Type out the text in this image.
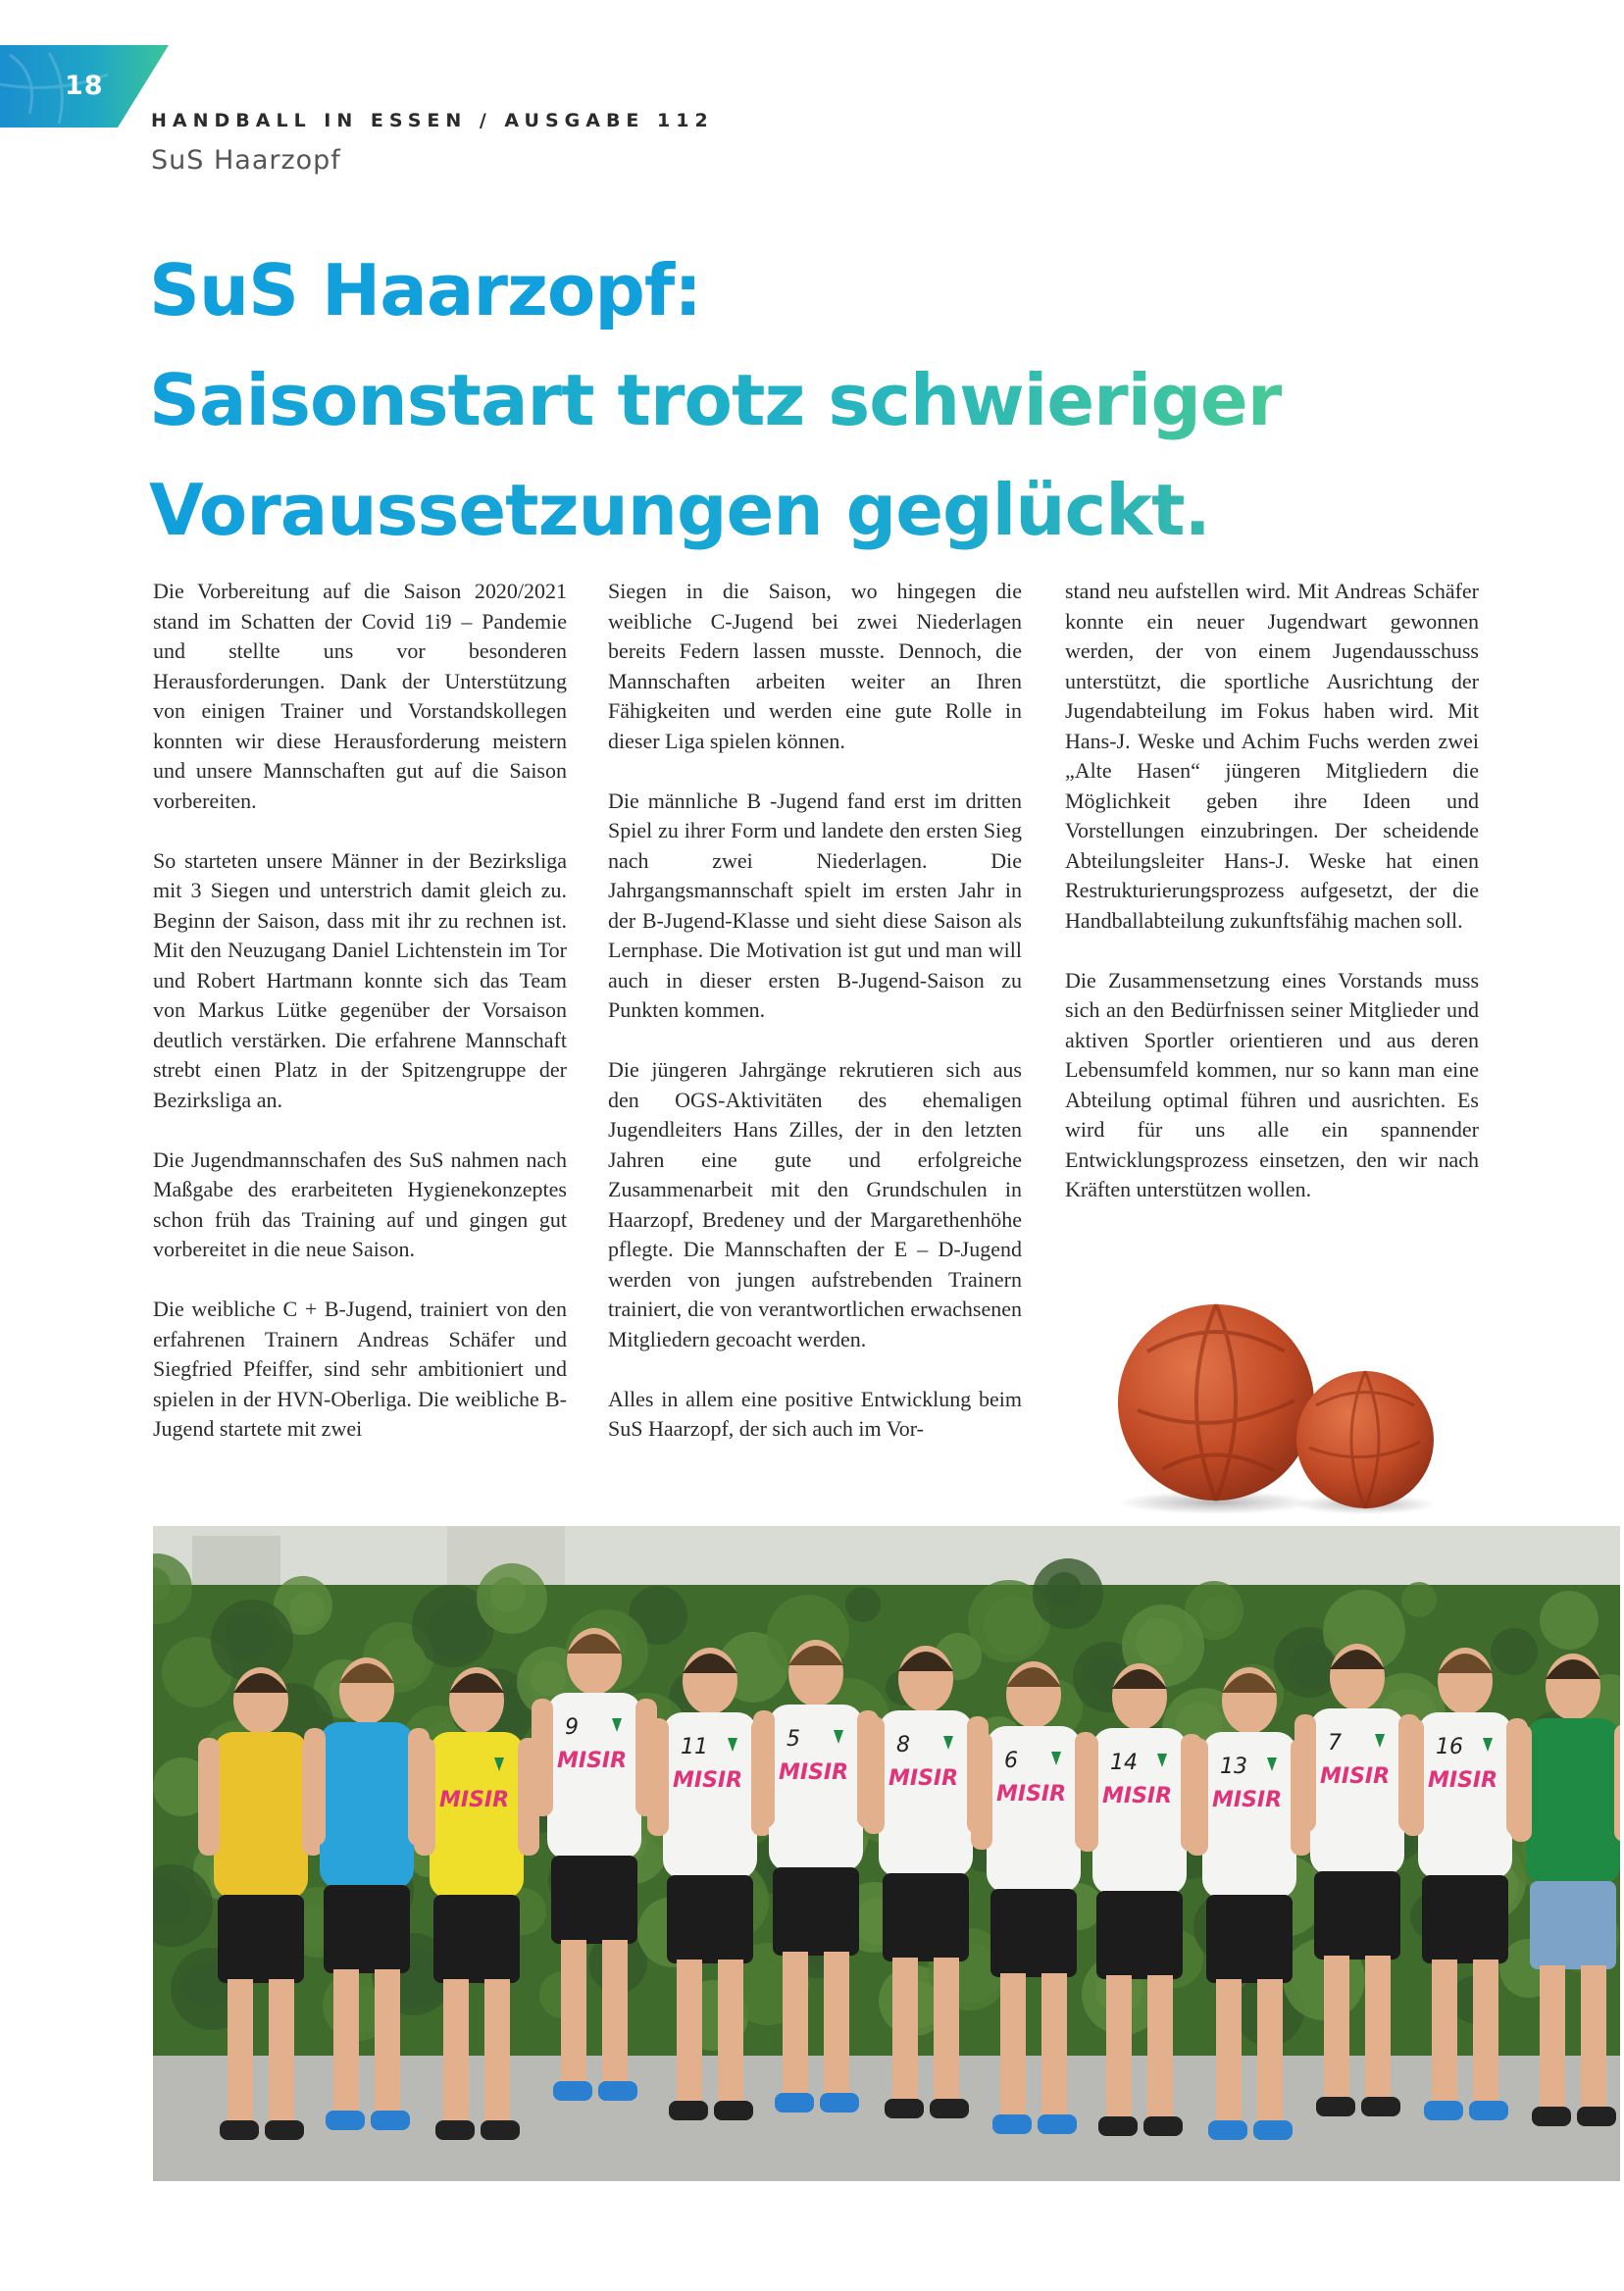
18
HANDBALL IN ESSEN / AUSGABE 112
SuS Haarzopf
SuS Haarzopf:
Saisonstart trotz schwieriger
Voraussetzungen geglückt.

Die Vorbereitung auf die Saison 2020/2021 stand im Schatten der Covid 1i9 – Pandemie und stellte uns vor besonderen Herausforderungen. Dank der Unterstützung von einigen Trainer und Vorstandskollegen konnten wir diese Herausforderung meistern und unsere Mannschaften gut auf die Saison vorbereiten.

So starteten unsere Männer in der Bezirksliga mit 3 Siegen und unterstrich damit gleich zu. Beginn der Saison, dass mit ihr zu rechnen ist. Mit den Neuzugang Daniel Lichtenstein im Tor und Robert Hartmann konnte sich das Team von Markus Lütke gegenüber der Vorsaison deutlich verstärken. Die erfahrene Mannschaft strebt einen Platz in der Spitzengruppe der Bezirksliga an.

Die Jugendmannschafen des SuS nahmen nach Maßgabe des erarbeiteten Hygienekonzeptes schon früh das Training auf und gingen gut vorbereitet in die neue Saison.

Die weibliche C + B-Jugend, trainiert von den erfahrenen Trainern Andreas Schäfer und Siegfried Pfeiffer, sind sehr ambitioniert und spielen in der HVN-Oberliga. Die weibliche B-Jugend startete mit zwei

Siegen in die Saison, wo hingegen die weibliche C-Jugend bei zwei Niederlagen bereits Federn lassen musste. Dennoch, die Mannschaften arbeiten weiter an Ihren Fähigkeiten und werden eine gute Rolle in dieser Liga spielen können.

Die männliche B -Jugend fand erst im dritten Spiel zu ihrer Form und landete den ersten Sieg nach zwei Niederlagen. Die Jahrgangsmannschaft spielt im ersten Jahr in der B-Jugend-Klasse und sieht diese Saison als Lernphase. Die Motivation ist gut und man will auch in dieser ersten B-Jugend-Saison zu Punkten kommen.

Die jüngeren Jahrgänge rekrutieren sich aus den OGS-Aktivitäten des ehemaligen Jugendleiters Hans Zilles, der in den letzten Jahren eine gute und erfolgreiche Zusammenarbeit mit den Grundschulen in Haarzopf, Bredeney und der Margarethenhöhe pflegte. Die Mannschaften der E – D-Jugend werden von jungen aufstrebenden Trainern trainiert, die von verantwortlichen erwachsenen Mitgliedern gecoacht werden.

Alles in allem eine positive Entwicklung beim SuS Haarzopf, der sich auch im Vor-

stand neu aufstellen wird. Mit Andreas Schäfer konnte ein neuer Jugendwart gewonnen werden, der von einem Jugendausschuss unterstützt, die sportliche Ausrichtung der Jugendabteilung im Fokus haben wird. Mit Hans-J. Weske und Achim Fuchs werden zwei „Alte Hasen“ jüngeren Mitgliedern die Möglichkeit geben ihre Ideen und Vorstellungen einzubringen. Der scheidende Abteilungsleiter Hans-J. Weske hat einen Restrukturierungsprozess aufgesetzt, der die Handballabteilung zukunftsfähig machen soll.

Die Zusammensetzung eines Vorstands muss sich an den Bedürfnissen seiner Mitglieder und aktiven Sportler orientieren und aus deren Lebensumfeld kommen, nur so kann man eine Abteilung optimal führen und ausrichten. Es wird für uns alle ein spannender Entwicklungsprozess einsetzen, den wir nach Kräften unterstützen wollen.

MISIR
9
MISIR
11
MISIR
5
MISIR
8
MISIR
6
MISIR
14
MISIR
13
MISIR
7
MISIR
16
MISIR
